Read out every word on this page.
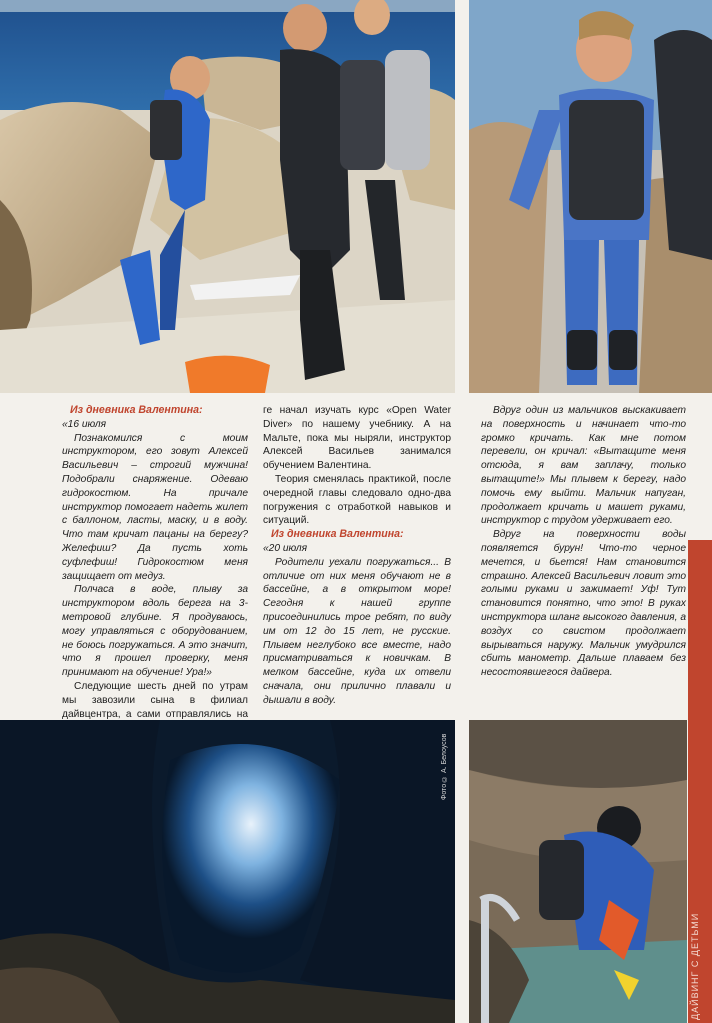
Из дневника Валентина:

«16 июля

Познакомился с моим инструктором, его зовут Алексей Васильевич – строгий мужчина! Подобрали снаряжение. Одеваю гидрокостюм. На причале инструктор помогает надеть жилет с баллоном, ласты, маску, и в воду. Что там кричат пацаны на берегу? Желефиш? Да пусть хоть суфлефиш! Гидрокостюм меня защищает от медуз.

Полчаса в воде, плыву за инструктором вдоль берега на 3-метровой глубине. Я продуваюсь, могу управляться с оборудованием, не боюсь погружаться. А это значит, что я прошел проверку, меня принимают на обучение! Ура!»

Следующие шесть дней по утрам мы завозили сына в филиал дайвцентра, а сами отправлялись на

ге начал изучать курс «Open Water Diver» по нашему учебнику. А на Мальте, пока мы ныряли, инструктор Алексей Васильев занимался обучением Валентина.

Теория сменялась практикой, после очередной главы следовало одно-два погружения с отработкой навыков и ситуаций.

Из дневника Валентина:

«20 июля

Родители уехали погружаться... В отличие от них меня обучают не в бассейне, а в открытом море! Сегодня к нашей группе присоединились трое ребят, по виду им от 12 до 15 лет, не русские. Плывем неглубоко все вместе, надо присматриваться к новичкам. В мелком бассейне, куда их отвели сначала, они прилично плавали и дышали в воду.

Вдруг один из мальчиков выскакивает на поверхность и начинает что-то громко кричать. Как мне потом перевели, он кричал: «Вытащите меня отсюда, я вам заплачу, только вытащите!» Мы плывем к берегу, надо помочь ему выйти. Мальчик напуган, продолжает кричать и машет руками, инструктор с трудом удерживает его.

Вдруг на поверхности воды появляется бурун! Что-то черное мечется, и бьется! Нам становится страшно. Алексей Васильевич ловит это голыми руками и зажимает! Уф! Тут становится понятно, что это! В руках инструктора шланг высокого давления, а воздух со свистом продолжает вырываться наружу. Мальчик умудрился сбить манометр. Дальше плаваем без несостоявшегося дайвера.

Фото © А. Белоусов
ДАЙВИНГ С ДЕТЬМИ
